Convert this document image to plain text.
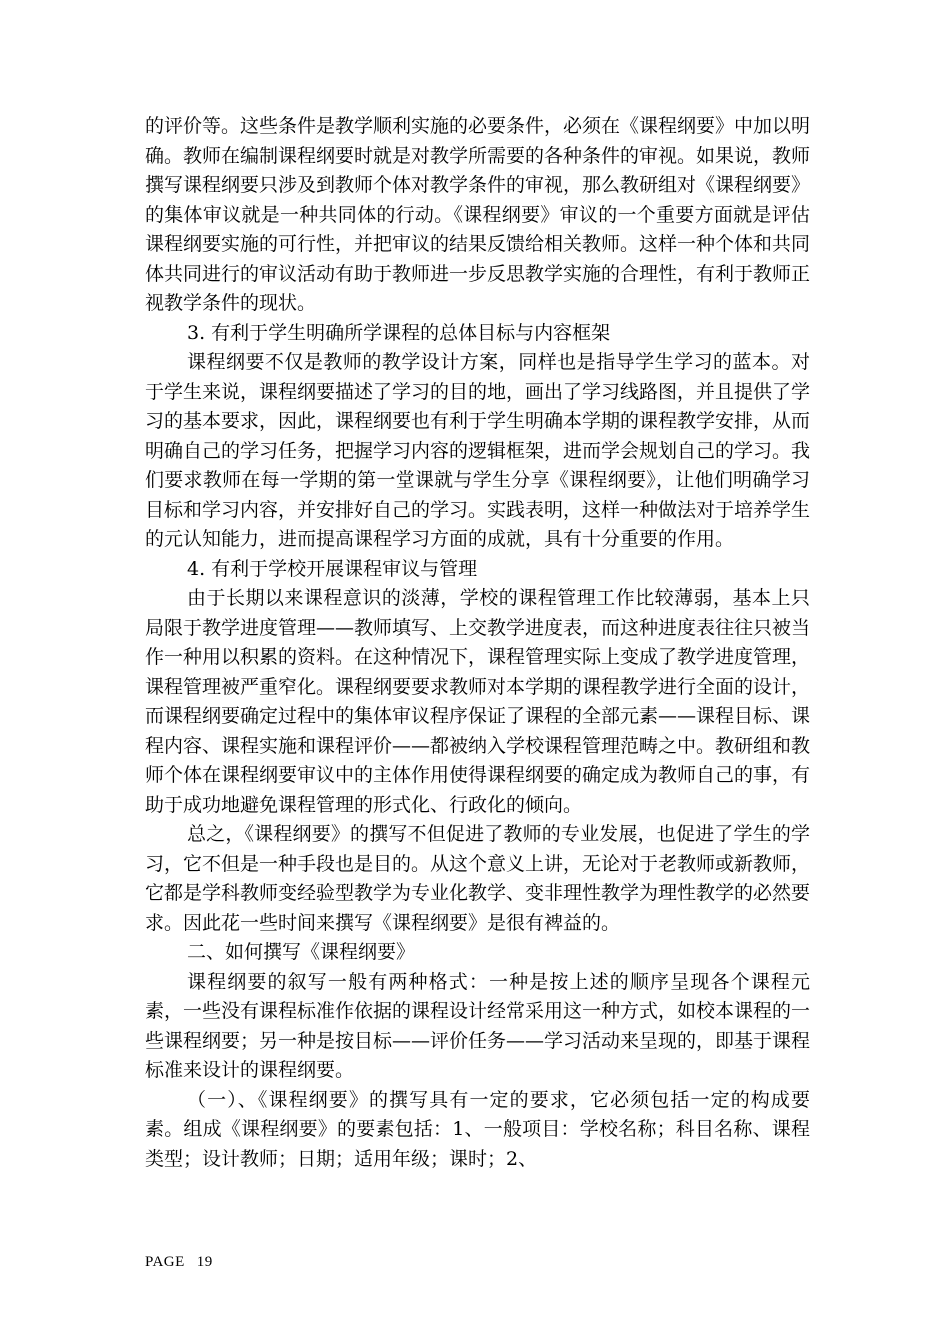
的评价等。这些条件是教学顺利实施的必要条件，必须在《课程纲要》中加以明确。教师在编制课程纲要时就是对教学所需要的各种条件的审视。如果说，教师撰写课程纲要只涉及到教师个体对教学条件的审视，那么教研组对《课程纲要》的集体审议就是一种共同体的行动。《课程纲要》审议的一个重要方面就是评估课程纲要实施的可行性，并把审议的结果反馈给相关教师。这样一种个体和共同体共同进行的审议活动有助于教师进一步反思教学实施的合理性，有利于教师正视教学条件的现状。

3. 有利于学生明确所学课程的总体目标与内容框架

课程纲要不仅是教师的教学设计方案，同样也是指导学生学习的蓝本。对于学生来说，课程纲要描述了学习的目的地，画出了学习线路图，并且提供了学习的基本要求，因此，课程纲要也有利于学生明确本学期的课程教学安排，从而明确自己的学习任务，把握学习内容的逻辑框架，进而学会规划自己的学习。我们要求教师在每一学期的第一堂课就与学生分享《课程纲要》，让他们明确学习目标和学习内容，并安排好自己的学习。实践表明，这样一种做法对于培养学生的元认知能力，进而提高课程学习方面的成就，具有十分重要的作用。

4. 有利于学校开展课程审议与管理

由于长期以来课程意识的淡薄，学校的课程管理工作比较薄弱，基本上只局限于教学进度管理——教师填写、上交教学进度表，而这种进度表往往只被当作一种用以积累的资料。在这种情况下，课程管理实际上变成了教学进度管理，课程管理被严重窄化。课程纲要要求教师对本学期的课程教学进行全面的设计，而课程纲要确定过程中的集体审议程序保证了课程的全部元素——课程目标、课程内容、课程实施和课程评价——都被纳入学校课程管理范畴之中。教研组和教师个体在课程纲要审议中的主体作用使得课程纲要的确定成为教师自己的事，有助于成功地避免课程管理的形式化、行政化的倾向。

总之，《课程纲要》的撰写不但促进了教师的专业发展，也促进了学生的学习，它不但是一种手段也是目的。从这个意义上讲，无论对于老教师或新教师，它都是学科教师变经验型教学为专业化教学、变非理性教学为理性教学的必然要求。因此花一些时间来撰写《课程纲要》是很有裨益的。

二、如何撰写《课程纲要》

课程纲要的叙写一般有两种格式：一种是按上述的顺序呈现各个课程元素，一些没有课程标准作依据的课程设计经常采用这一种方式，如校本课程的一些课程纲要；另一种是按目标——评价任务——学习活动来呈现的，即基于课程标准来设计的课程纲要。

（一）、《课程纲要》的撰写具有一定的要求，它必须包括一定的构成要素。组成《课程纲要》的要素包括：1、一般项目：学校名称；科目名称、课程类型；设计教师；日期；适用年级；课时；2、

PAGE 19
